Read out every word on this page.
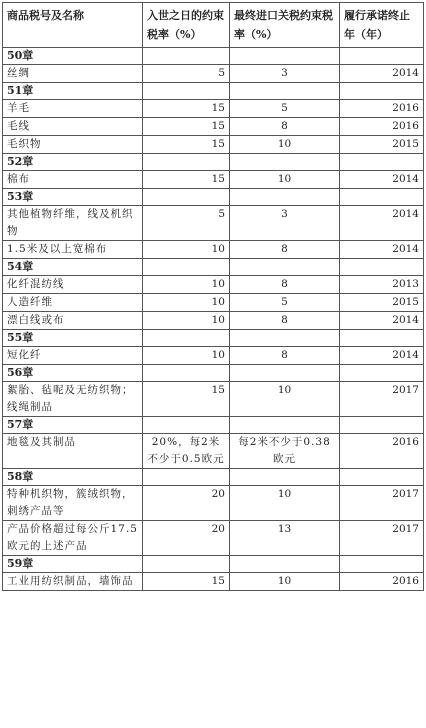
商品税号及名称	入世之日的约束税率（%）	最终进口关税约束税率（%）	履行承诺终止年（年）
50章			
丝绸	5	3	2014
51章			
羊毛	15	5	2016
毛线	15	8	2016
毛织物	15	10	2015
52章			
棉布	15	10	2014
53章			
其他植物纤维，线及机织物	5	3	2014
1.5米及以上宽棉布	10	8	2014
54章			
化纤混纺线	10	8	2013
人造纤维	10	5	2015
漂白线或布	10	8	2014
55章			
短化纤	10	8	2014
56章			
絮胎、毡呢及无纺织物；线绳制品	15	10	2017
57章			
地毯及其制品	20%，每2米不少于0.5欧元	每2米不少于0.38欧元	2016
58章			
特种机织物，簇绒织物，刺绣产品等	20	10	2017
产品价格超过每公斤17.5欧元的上述产品	20	13	2017
59章			
工业用纺织制品，墙饰品	15	10	2016
